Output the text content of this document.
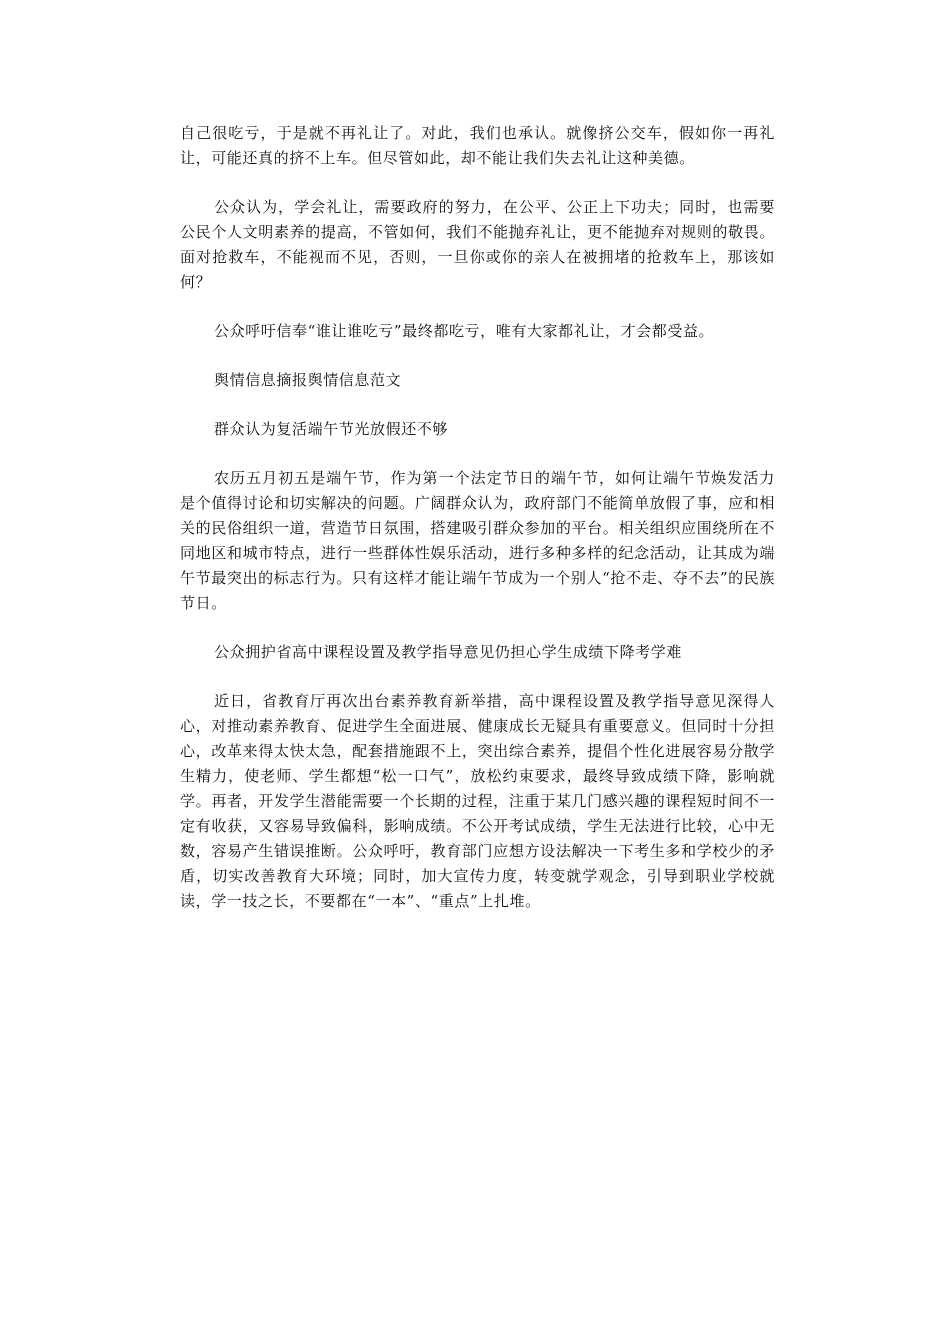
自己很吃亏，于是就不再礼让了。对此，我们也承认。就像挤公交车，假如你一再礼让，可能还真的挤不上车。但尽管如此，却不能让我们失去礼让这种美德。

公众认为，学会礼让，需要政府的努力，在公平、公正上下功夫；同时，也需要公民个人文明素养的提高，不管如何，我们不能抛弃礼让，更不能抛弃对规则的敬畏。面对抢救车，不能视而不见，否则，一旦你或你的亲人在被拥堵的抢救车上，那该如何？

公众呼吁信奉“谁让谁吃亏”最终都吃亏，唯有大家都礼让，才会都受益。

舆情信息摘报舆情信息范文

群众认为复活端午节光放假还不够

农历五月初五是端午节，作为第一个法定节日的端午节，如何让端午节焕发活力是个值得讨论和切实解决的问题。广阔群众认为，政府部门不能简单放假了事，应和相关的民俗组织一道，营造节日氛围，搭建吸引群众参加的平台。相关组织应围绕所在不同地区和城市特点，进行一些群体性娱乐活动，进行多种多样的纪念活动，让其成为端午节最突出的标志行为。只有这样才能让端午节成为一个别人“抢不走、夺不去”的民族节日。

公众拥护省高中课程设置及教学指导意见仍担心学生成绩下降考学难

近日，省教育厅再次出台素养教育新举措，高中课程设置及教学指导意见深得人心，对推动素养教育、促进学生全面进展、健康成长无疑具有重要意义。但同时十分担心，改革来得太快太急，配套措施跟不上，突出综合素养，提倡个性化进展容易分散学生精力，使老师、学生都想“松一口气”，放松约束要求，最终导致成绩下降，影响就学。再者，开发学生潜能需要一个长期的过程，注重于某几门感兴趣的课程短时间不一定有收获，又容易导致偏科，影响成绩。不公开考试成绩，学生无法进行比较，心中无数，容易产生错误推断。公众呼吁，教育部门应想方设法解决一下考生多和学校少的矛盾，切实改善教育大环境；同时，加大宣传力度，转变就学观念，引导到职业学校就读，学一技之长，不要都在“一本”、“重点”上扎堆。
